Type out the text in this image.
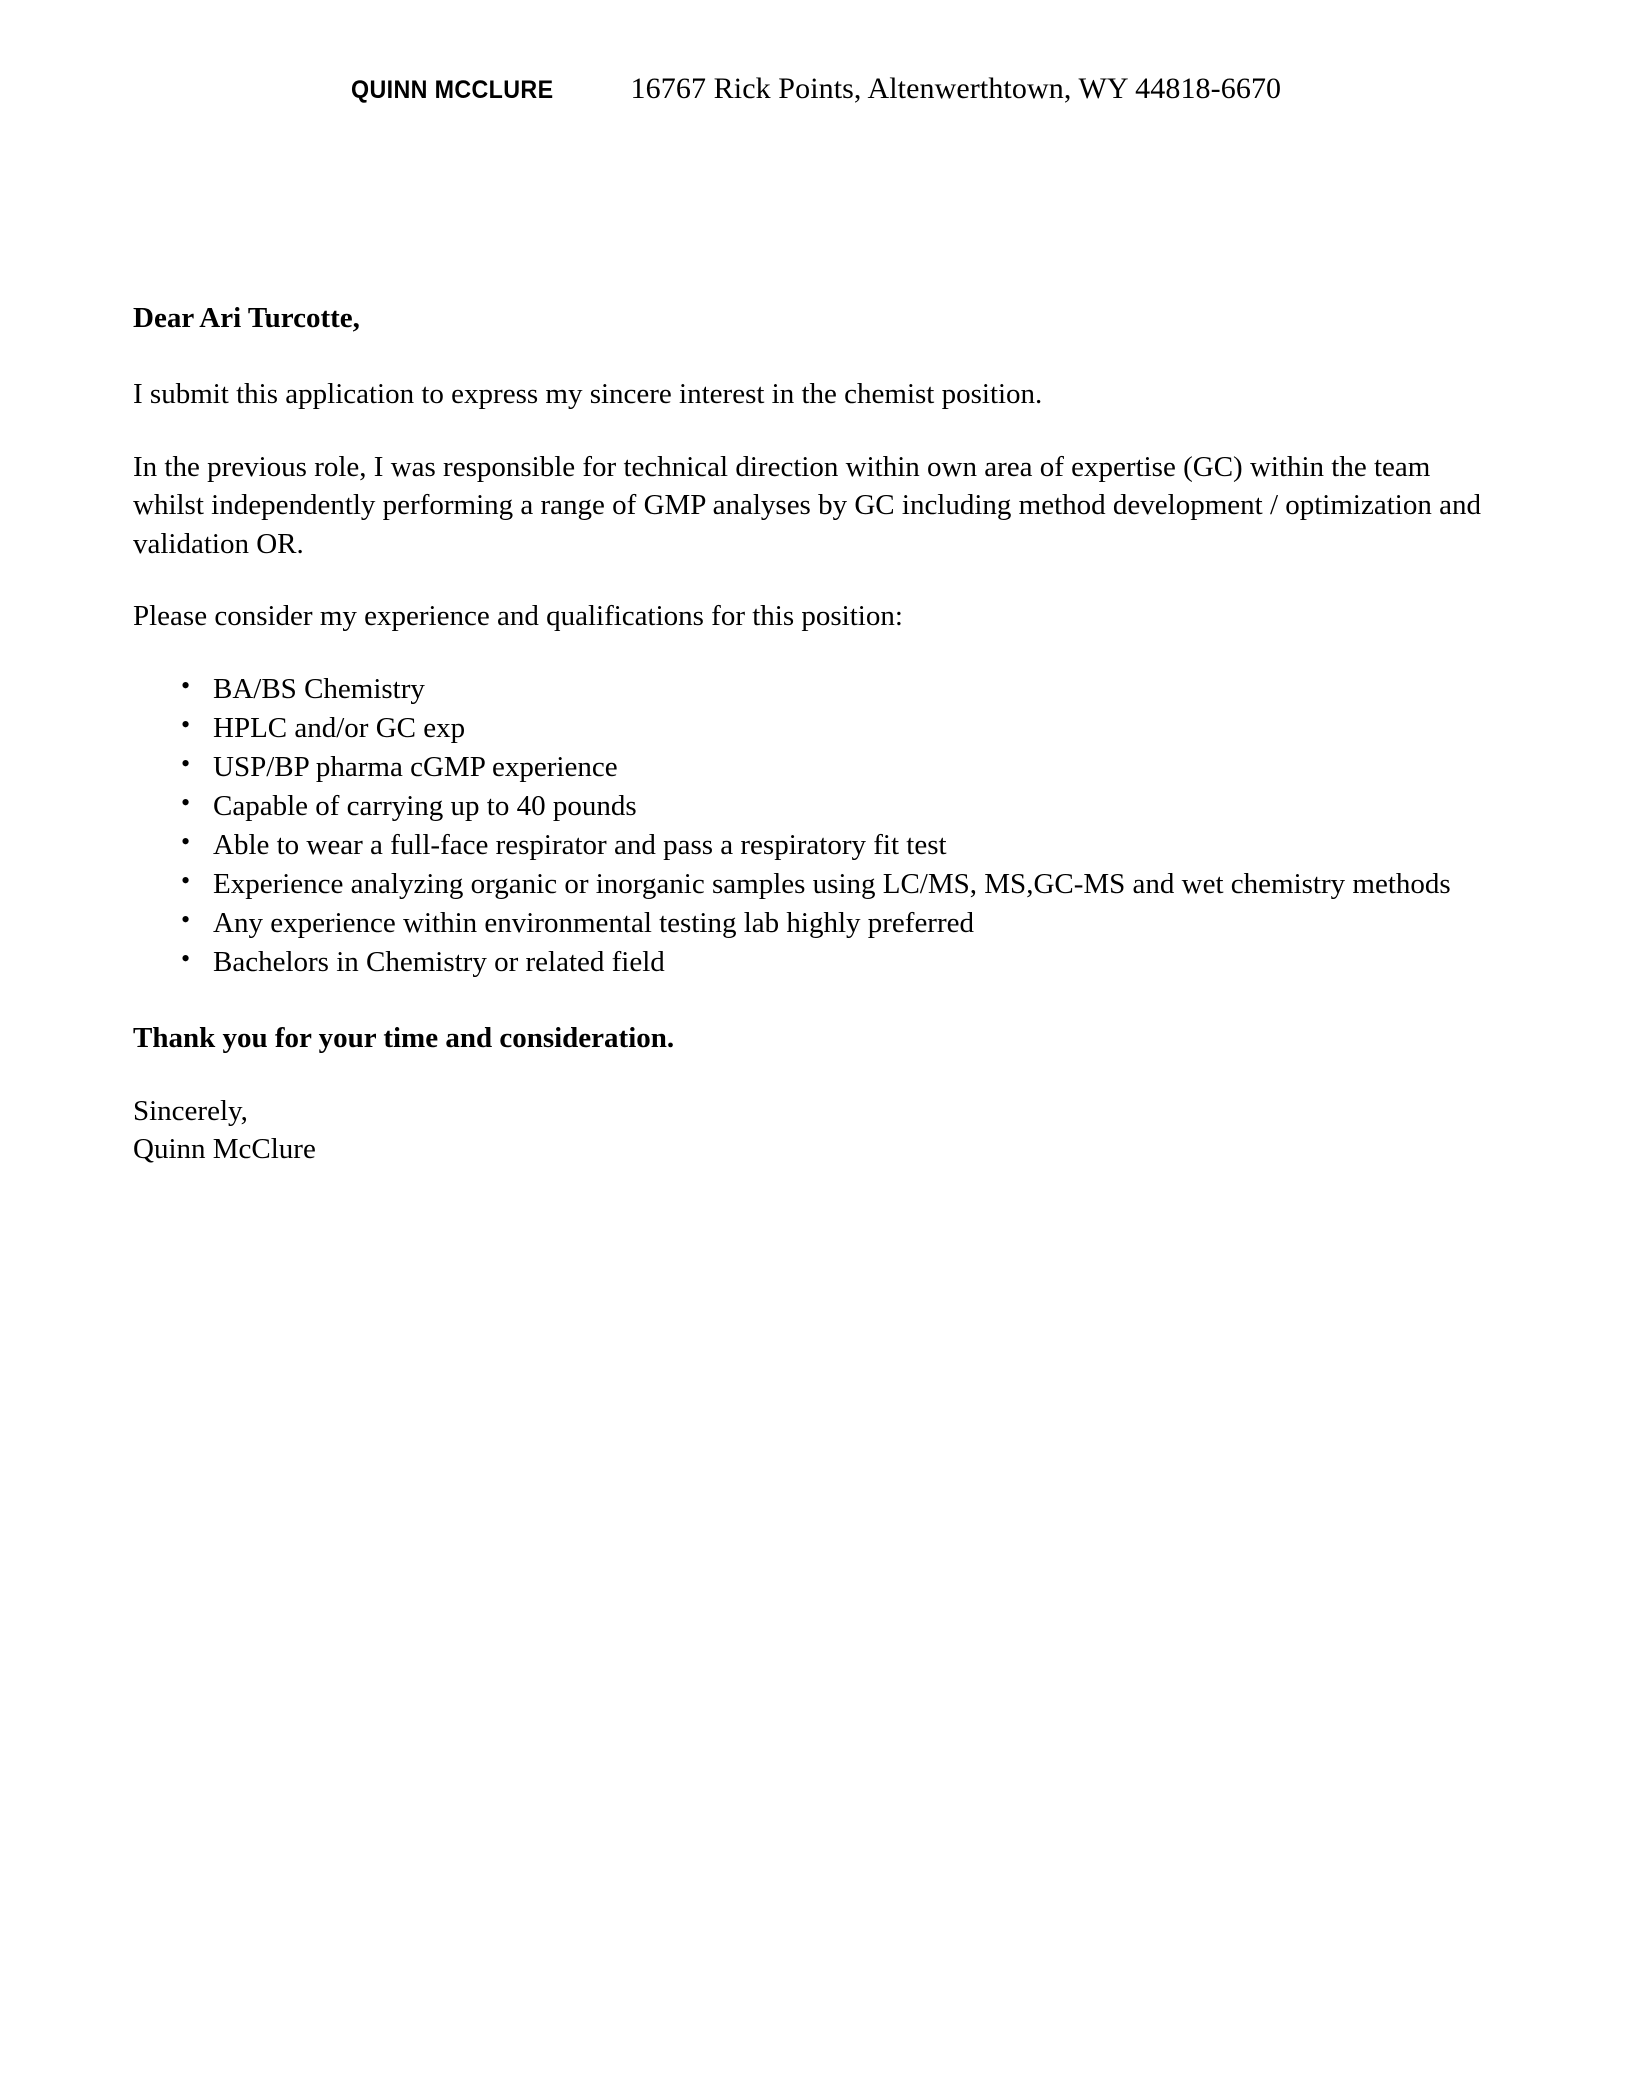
QUINN MCCLURE	16767 Rick Points, Altenwerthtown, WY 44818-6670
Dear Ari Turcotte,

I submit this application to express my sincere interest in the chemist position.

In the previous role, I was responsible for technical direction within own area of expertise (GC) within the team whilst independently performing a range of GMP analyses by GC including method development / optimization and validation OR.

Please consider my experience and qualifications for this position:

• BA/BS Chemistry
• HPLC and/or GC exp
• USP/BP pharma cGMP experience
• Capable of carrying up to 40 pounds
• Able to wear a full-face respirator and pass a respiratory fit test
• Experience analyzing organic or inorganic samples using LC/MS, MS,GC-MS and wet chemistry methods
• Any experience within environmental testing lab highly preferred
• Bachelors in Chemistry or related field
Thank you for your time and consideration.
Sincerely,
Quinn McClure
